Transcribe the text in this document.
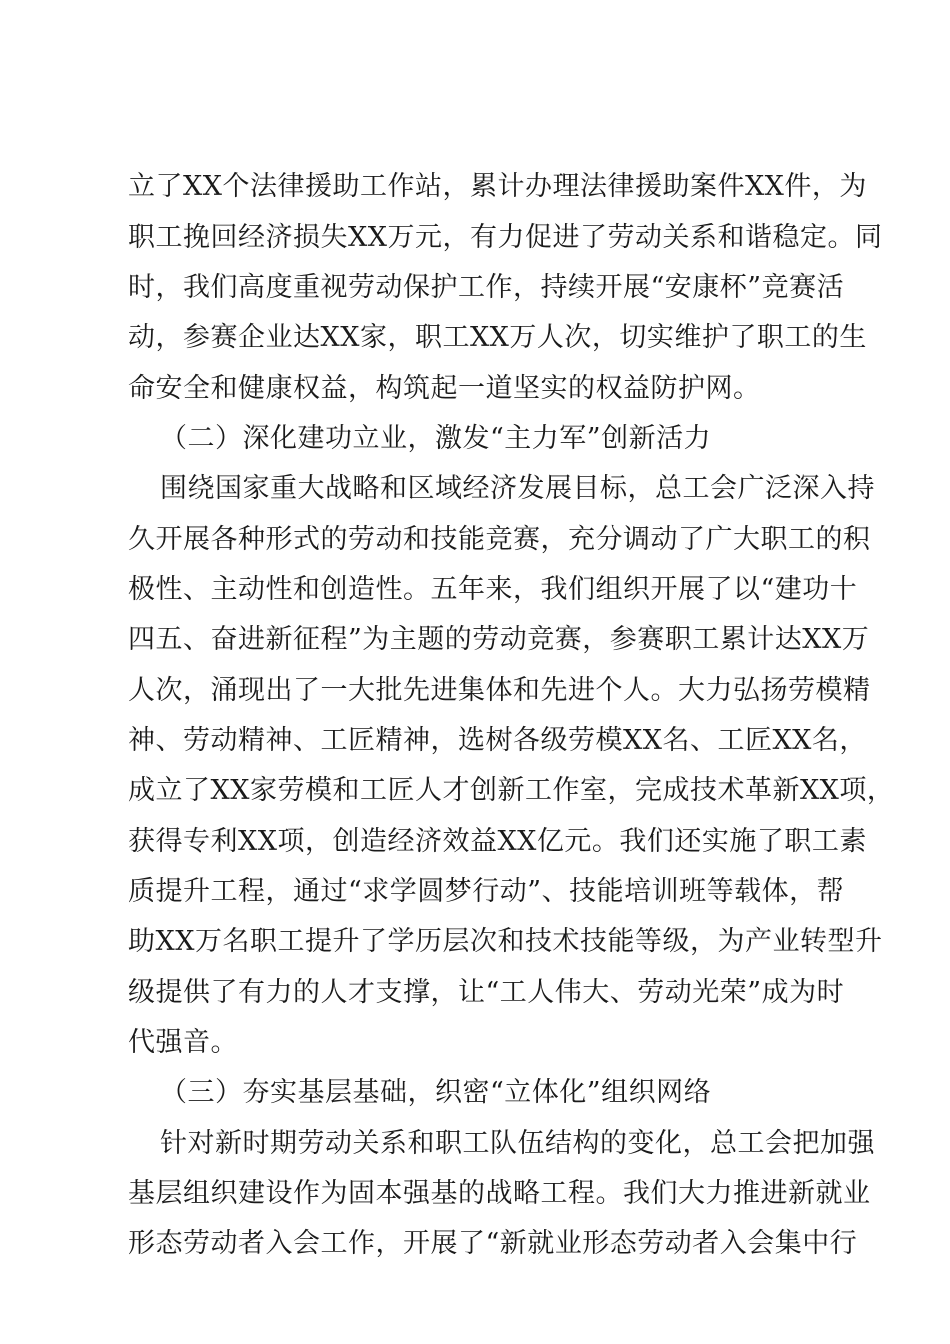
立了XX个法律援助工作站，累计办理法律援助案件XX件，为
职工挽回经济损失XX万元，有力促进了劳动关系和谐稳定。同
时，我们高度重视劳动保护工作，持续开展“安康杯”竞赛活
动，参赛企业达XX家，职工XX万人次，切实维护了职工的生
命安全和健康权益，构筑起一道坚实的权益防护网。
（二）深化建功立业，激发“主力军”创新活力
围绕国家重大战略和区域经济发展目标，总工会广泛深入持
久开展各种形式的劳动和技能竞赛，充分调动了广大职工的积
极性、主动性和创造性。五年来，我们组织开展了以“建功十
四五、奋进新征程”为主题的劳动竞赛，参赛职工累计达XX万
人次，涌现出了一大批先进集体和先进个人。大力弘扬劳模精
神、劳动精神、工匠精神，选树各级劳模XX名、工匠XX名，
成立了XX家劳模和工匠人才创新工作室，完成技术革新XX项，
获得专利XX项，创造经济效益XX亿元。我们还实施了职工素
质提升工程，通过“求学圆梦行动”、技能培训班等载体，帮
助XX万名职工提升了学历层次和技术技能等级，为产业转型升
级提供了有力的人才支撑，让“工人伟大、劳动光荣”成为时
代强音。
（三）夯实基层基础，织密“立体化”组织网络
针对新时期劳动关系和职工队伍结构的变化，总工会把加强
基层组织建设作为固本强基的战略工程。我们大力推进新就业
形态劳动者入会工作，开展了“新就业形态劳动者入会集中行
